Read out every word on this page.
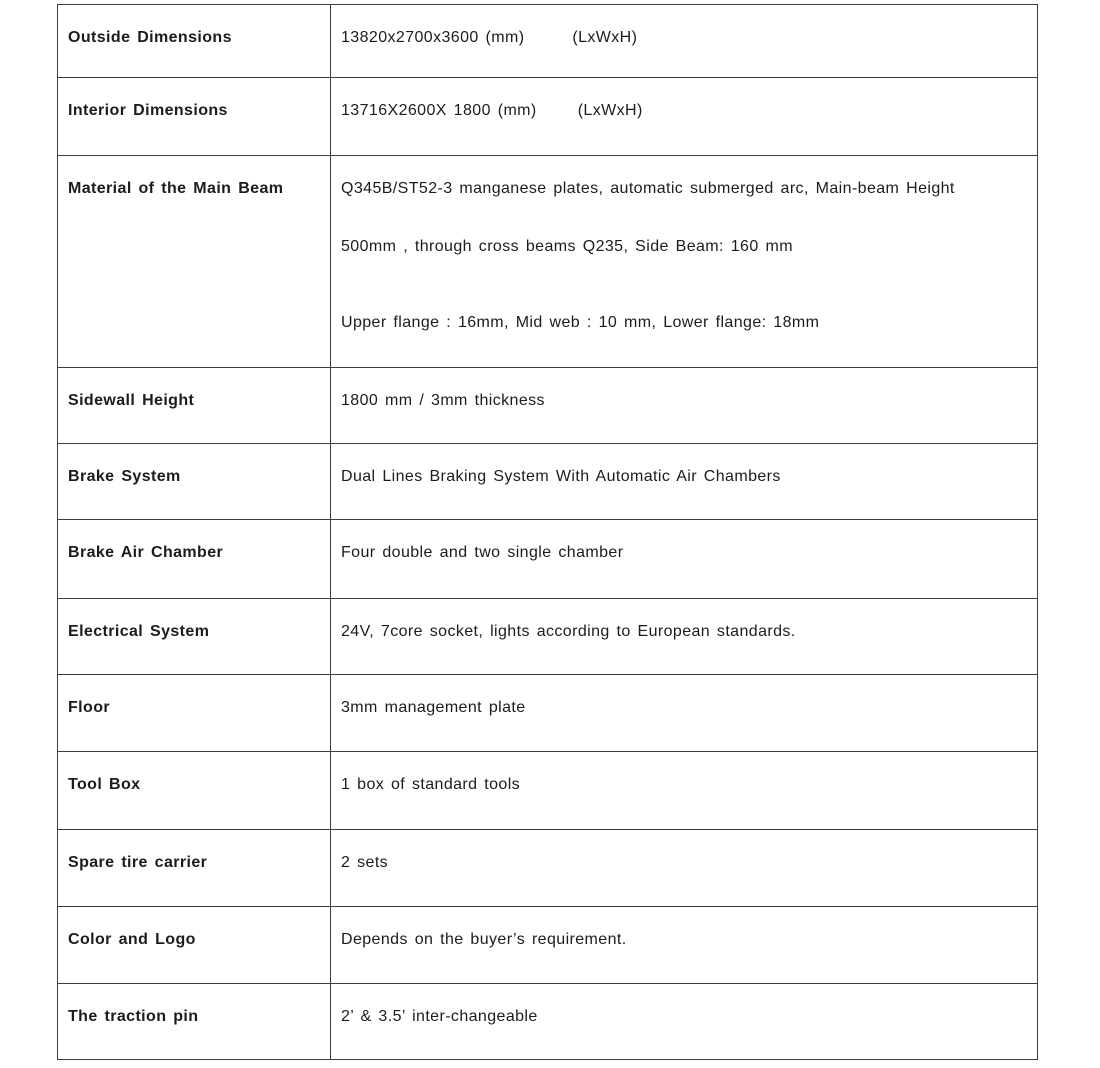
Outside Dimensions	13820x2700x3600 (mm)       (LxWxH)

Interior Dimensions	13716X2600X 1800 (mm)      (LxWxH)

Material of the Main Beam	Q345B/ST52-3 manganese plates, automatic submerged arc, Main-beam Height
500mm , through cross beams Q235, Side Beam: 160 mm
Upper flange : 16mm, Mid web : 10 mm, Lower flange: 18mm

Sidewall Height	1800 mm / 3mm thickness

Brake System	Dual Lines Braking System With Automatic Air Chambers

Brake Air Chamber	Four double and two single chamber

Electrical System	24V, 7core socket, lights according to European standards.

Floor	3mm management plate

Tool Box	1 box of standard tools

Spare tire carrier	2 sets

Color and Logo	Depends on the buyer’s requirement.

The traction pin	2’ & 3.5’ inter-changeable
